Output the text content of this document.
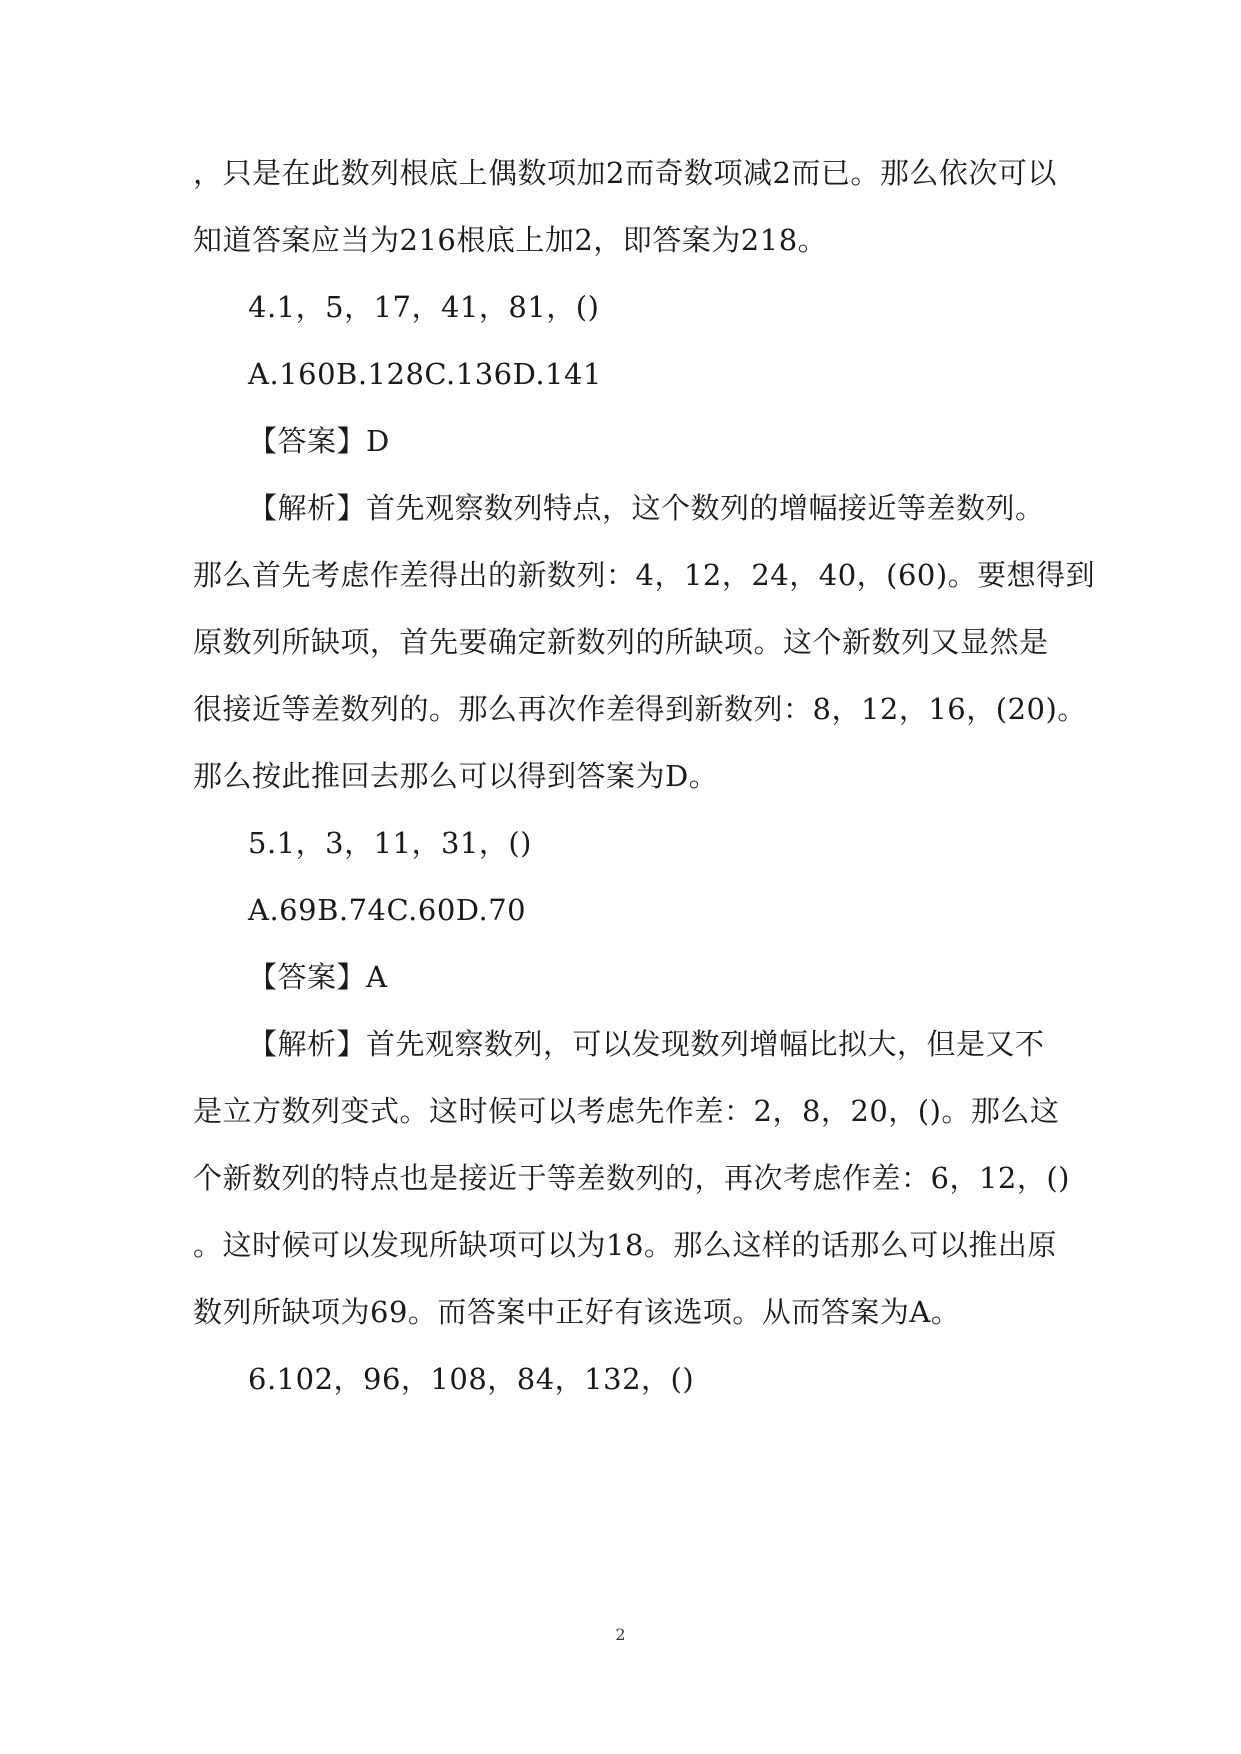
，只是在此数列根底上偶数项加2而奇数项减2而已。那么依次可以
知道答案应当为216根底上加2，即答案为218。
4.1，5，17，41，81，()
A.160B.128C.136D.141
【答案】D
【解析】首先观察数列特点，这个数列的增幅接近等差数列。
那么首先考虑作差得出的新数列：4，12，24，40，(60)。要想得到
原数列所缺项，首先要确定新数列的所缺项。这个新数列又显然是
很接近等差数列的。那么再次作差得到新数列：8，12，16，(20)。
那么按此推回去那么可以得到答案为D。
5.1，3，11，31，()
A.69B.74C.60D.70
【答案】A
【解析】首先观察数列，可以发现数列增幅比拟大，但是又不
是立方数列变式。这时候可以考虑先作差：2，8，20，()。那么这
个新数列的特点也是接近于等差数列的，再次考虑作差：6，12，()
。这时候可以发现所缺项可以为18。那么这样的话那么可以推出原
数列所缺项为69。而答案中正好有该选项。从而答案为A。
6.102，96，108，84，132，()
2
